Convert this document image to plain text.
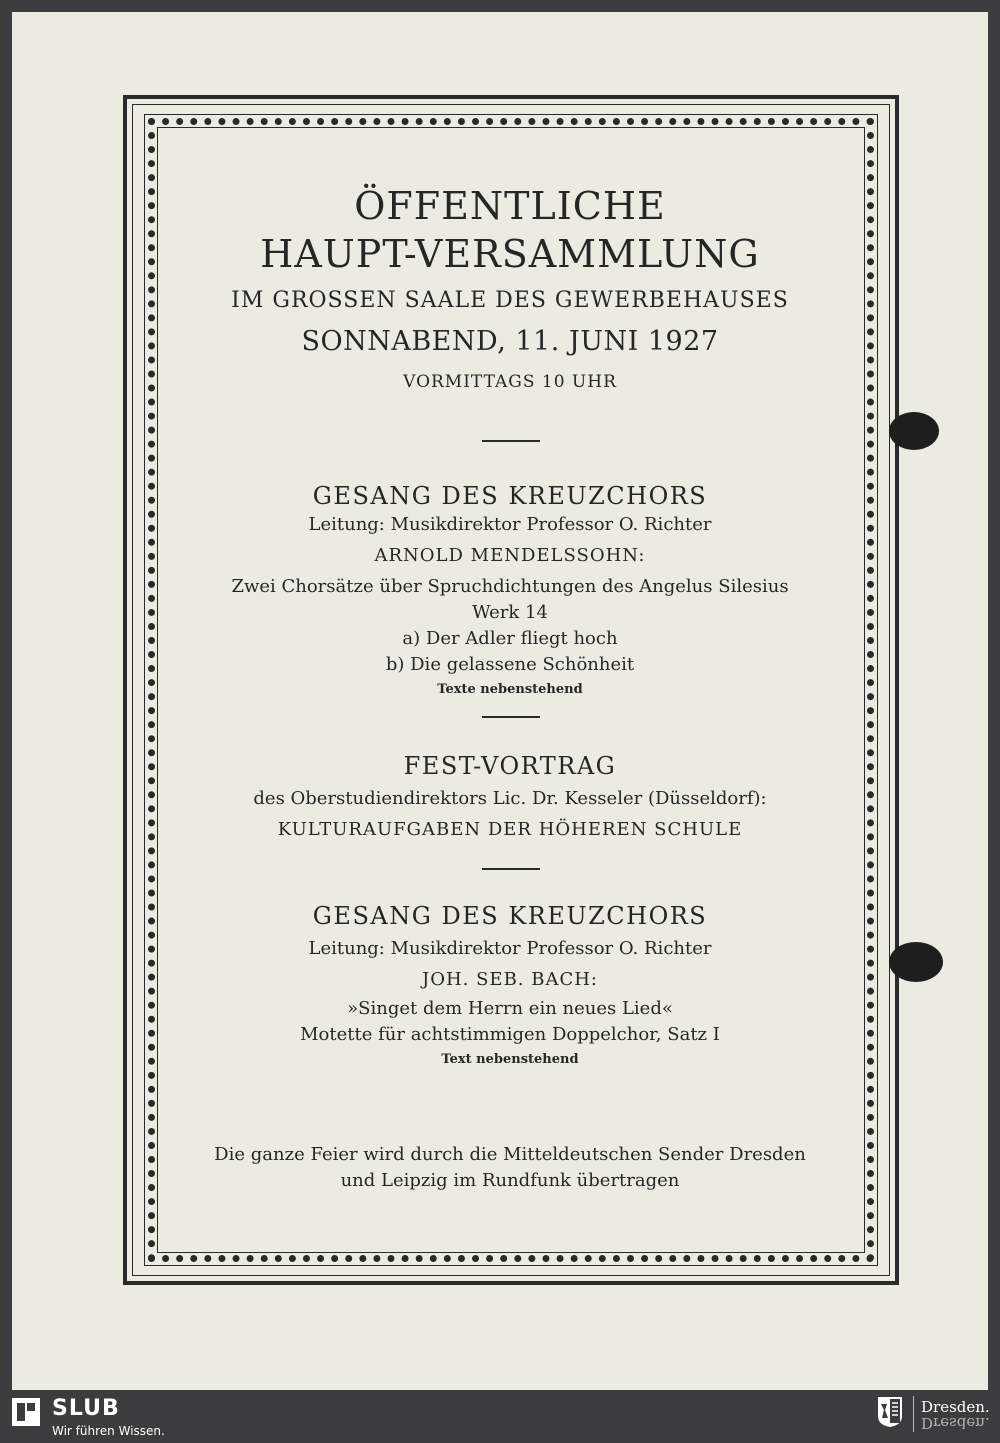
ÖFFENTLICHE
HAUPT-VERSAMMLUNG
IM GROSSEN SAALE DES GEWERBEHAUSES
SONNABEND, 11. JUNI 1927
VORMITTAGS 10 UHR
GESANG DES KREUZCHORS
Leitung: Musikdirektor Professor O. Richter
ARNOLD MENDELSSOHN:
Zwei Chorsätze über Spruchdichtungen des Angelus Silesius
Werk 14
a) Der Adler fliegt hoch
b) Die gelassene Schönheit
Texte nebenstehend
FEST-VORTRAG
des Oberstudiendirektors Lic. Dr. Kesseler (Düsseldorf):
KULTURAUFGABEN DER HÖHEREN SCHULE
GESANG DES KREUZCHORS
Leitung: Musikdirektor Professor O. Richter
JOH. SEB. BACH:
»Singet dem Herrn ein neues Lied«
Motette für achtstimmigen Doppelchor, Satz I
Text nebenstehend
Die ganze Feier wird durch die Mitteldeutschen Sender Dresden
und Leipzig im Rundfunk übertragen
SLUB
Wir führen Wissen.
Dresden.
Dresden.
